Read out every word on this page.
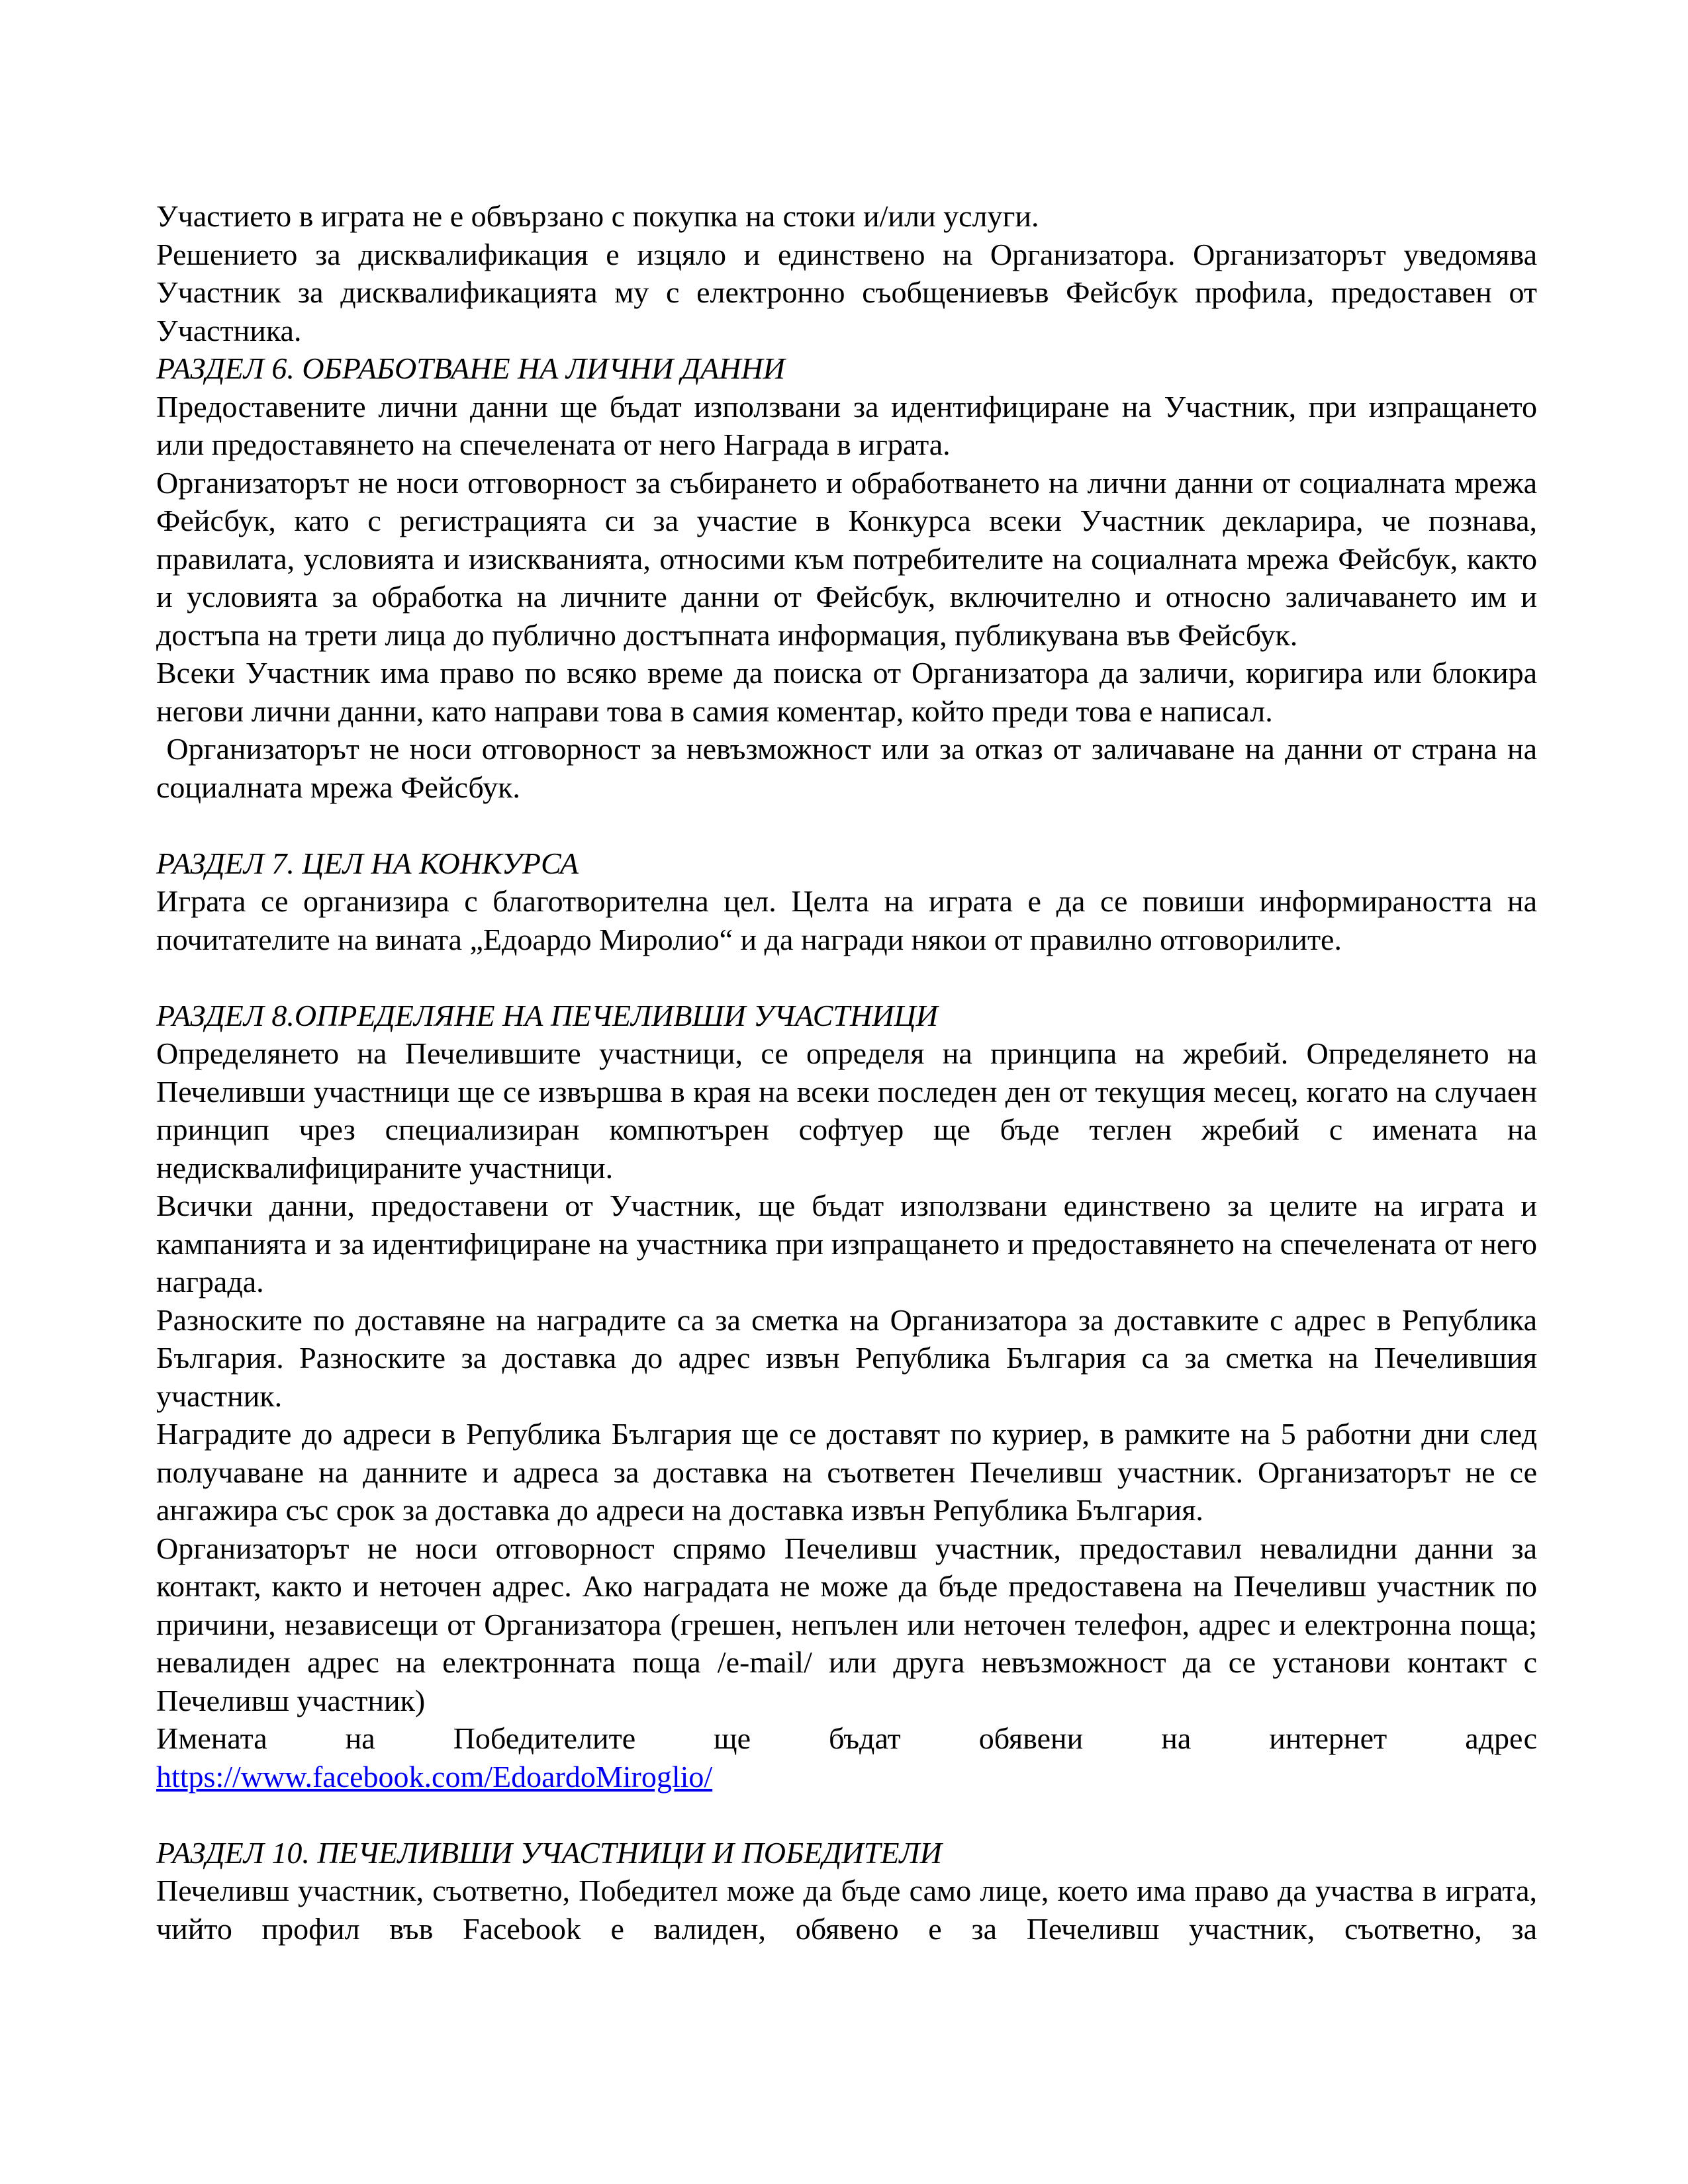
Участието в играта не е обвързано с покупка на стоки и/или услуги.

Решението за дисквалификация е изцяло и единствено на Организатора. Организаторът уведомява Участник за дисквалификацията му с електронно съобщениевъв Фейсбук профила, предоставен от Участника.

РАЗДЕЛ 6. ОБРАБОТВАНЕ НА ЛИЧНИ ДАННИ

Предоставените лични данни ще бъдат използвани за идентифициране на Участник, при изпращането или предоставянето на спечелената от него Награда в играта.

Организаторът не носи отговорност за събирането и обработването на лични данни от социалната мрежа Фейсбук, като с регистрацията си за участие в Конкурса всеки Участник декларира, че познава, правилата, условията и изискванията, относими към потребителите на социалната мрежа Фейсбук, както и условията за обработка на личните данни от Фейсбук, включително и относно заличаването им и достъпа на трети лица до публично достъпната информация, публикувана във Фейсбук.

Всеки Участник има право по всяко време да поиска от Организатора да заличи, коригира или блокира негови лични данни, като направи това в самия коментар, който преди това е написал.

Организаторът не носи отговорност за невъзможност или за отказ от заличаване на данни от страна на социалната мрежа Фейсбук.

РАЗДЕЛ 7. ЦЕЛ НА КОНКУРСА

Играта се организира с благотворителна цел. Целта на играта е да се повиши информираността на почитателите на вината „Едоардо Миролио“ и да награди някои от правилно отговорилите.

РАЗДЕЛ 8.ОПРЕДЕЛЯНЕ НА ПЕЧЕЛИВШИ УЧАСТНИЦИ

Определянето на Печелившите участници, се определя на принципа на жребий. Определянето на Печеливши участници ще се извършва в края на всеки последен ден от текущия месец, когато на случаен принцип чрез специализиран компютърен софтуер ще бъде теглен жребий с имената на недисквалифицираните участници.

Всички данни, предоставени от Участник, ще бъдат използвани единствено за целите на играта и кампанията и за идентифициране на участника при изпращането и предоставянето на спечелената от него награда.

Разноските по доставяне на наградите са за сметка на Организатора за доставките с адрес в Република България. Разноските за доставка до адрес извън Република България са за сметка на Печелившия участник.

Наградите до адреси в Република България ще се доставят по куриер, в рамките на 5 работни дни след получаване на данните и адреса за доставка на съответен Печеливш участник. Организаторът не се ангажира със срок за доставка до адреси на доставка извън Република България.

Организаторът не носи отговорност спрямо Печеливш участник, предоставил невалидни данни за контакт, както и неточен адрес. Ако наградата не може да бъде предоставена на Печеливш участник по причини, независещи от Организатора (грешен, непълен или неточен телефон, адрес и електронна поща; невалиден адрес на електронната поща /e-mail/ или друга невъзможност да се установи контакт с Печеливш участник)

Имената на Победителите ще бъдат обявени на интернет адрес

https://www.facebook.com/EdoardoMiroglio/

РАЗДЕЛ 10. ПЕЧЕЛИВШИ УЧАСТНИЦИ И ПОБЕДИТЕЛИ

Печеливш участник, съответно, Победител може да бъде само лице, което има право да участва в играта, чийто профил във Facebook е валиден, обявено е за Печеливш участник, съответно, за
